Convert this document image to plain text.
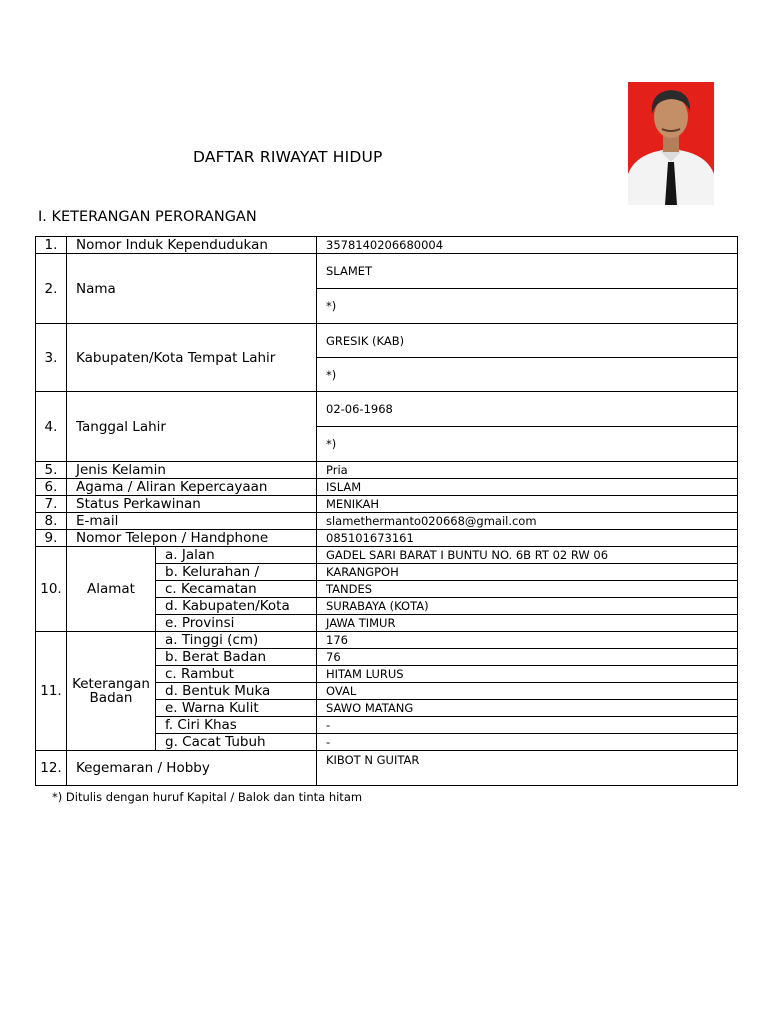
DAFTAR RIWAYAT HIDUP
I. KETERANGAN PERORANGAN
1.	Nomor Induk Kependudukan		3578140206680004
2.	Nama		SLAMET
			*)
3.	Kabupaten/Kota Tempat Lahir		GRESIK (KAB)
			*)
4.	Tanggal Lahir		02-06-1968
			*)
5.	Jenis Kelamin		Pria
6.	Agama / Aliran Kepercayaan		ISLAM
7.	Status Perkawinan		MENIKAH
8.	E-mail		slamethermanto020668@gmail.com
9.	Nomor Telepon / Handphone		085101673161
10.	Alamat	a. Jalan	GADEL SARI BARAT I BUNTU NO. 6B RT 02 RW 06
		b. Kelurahan /	KARANGPOH
		c. Kecamatan	TANDES
		d. Kabupaten/Kota	SURABAYA (KOTA)
		e. Provinsi	JAWA TIMUR
11.	Keterangan Badan	a. Tinggi (cm)	176
		b. Berat Badan	76
		c. Rambut	HITAM LURUS
		d. Bentuk Muka	OVAL
		e. Warna Kulit	SAWO MATANG
		f. Ciri Khas	-
		g. Cacat Tubuh	-
12.	Kegemaran / Hobby		KIBOT N GUITAR
*) Ditulis dengan huruf Kapital / Balok dan tinta hitam
